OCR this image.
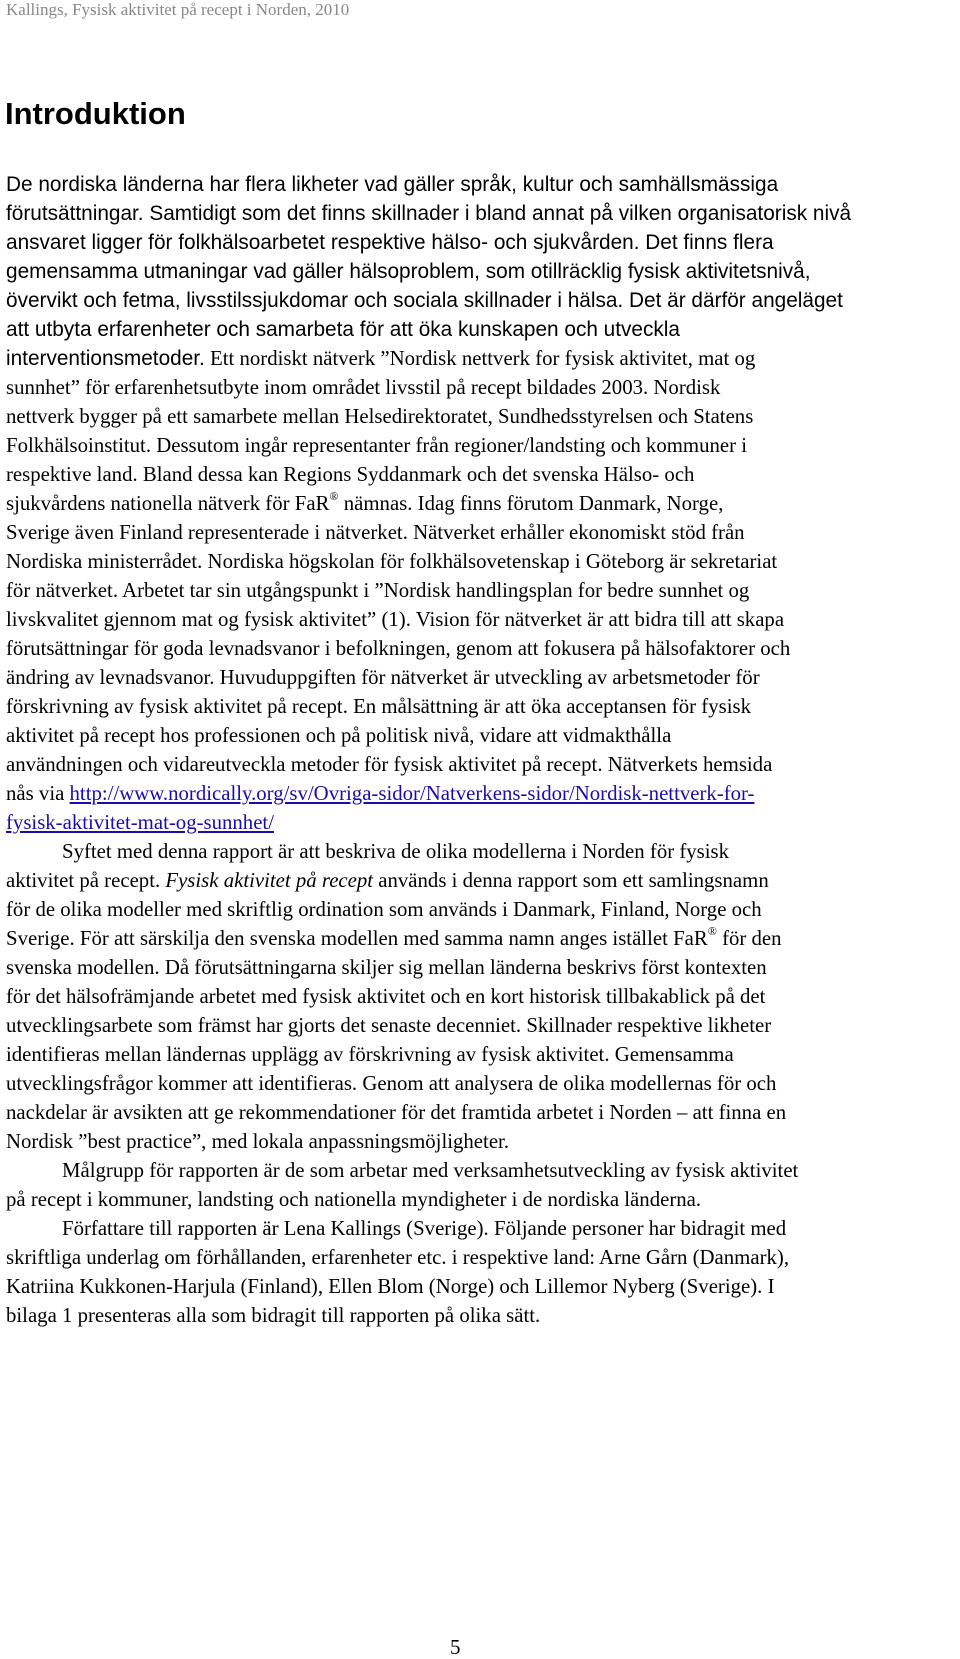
Kallings, Fysisk aktivitet på recept i Norden, 2010
Introduktion
De nordiska länderna har flera likheter vad gäller språk, kultur och samhällsmässiga
förutsättningar. Samtidigt som det finns skillnader i bland annat på vilken organisatorisk nivå
ansvaret ligger för folkhälsoarbetet respektive hälso- och sjukvården. Det finns flera
gemensamma utmaningar vad gäller hälsoproblem, som otillräcklig fysisk aktivitetsnivå,
övervikt och fetma, livsstilssjukdomar och sociala skillnader i hälsa. Det är därför angeläget
att utbyta erfarenheter och samarbeta för att öka kunskapen och utveckla
interventionsmetoder. Ett nordiskt nätverk ”Nordisk nettverk for fysisk aktivitet, mat og
sunnhet” för erfarenhetsutbyte inom området livsstil på recept bildades 2003. Nordisk
nettverk bygger på ett samarbete mellan Helsedirektoratet, Sundhedsstyrelsen och Statens
Folkhälsoinstitut. Dessutom ingår representanter från regioner/landsting och kommuner i
respektive land. Bland dessa kan Regions Syddanmark och det svenska Hälso- och
sjukvårdens nationella nätverk för FaR® nämnas. Idag finns förutom Danmark, Norge,
Sverige även Finland representerade i nätverket. Nätverket erhåller ekonomiskt stöd från
Nordiska ministerrådet. Nordiska högskolan för folkhälsovetenskap i Göteborg är sekretariat
för nätverket. Arbetet tar sin utgångspunkt i ”Nordisk handlingsplan for bedre sunnhet og
livskvalitet gjennom mat og fysisk aktivitet” (1). Vision för nätverket är att bidra till att skapa
förutsättningar för goda levnadsvanor i befolkningen, genom att fokusera på hälsofaktorer och
ändring av levnadsvanor. Huvuduppgiften för nätverket är utveckling av arbetsmetoder för
förskrivning av fysisk aktivitet på recept. En målsättning är att öka acceptansen för fysisk
aktivitet på recept hos professionen och på politisk nivå, vidare att vidmakthålla
användningen och vidareutveckla metoder för fysisk aktivitet på recept. Nätverkets hemsida
nås via http://www.nordically.org/sv/Ovriga-sidor/Natverkens-sidor/Nordisk-nettverk-for-
fysisk-aktivitet-mat-og-sunnhet/
Syftet med denna rapport är att beskriva de olika modellerna i Norden för fysisk
aktivitet på recept. Fysisk aktivitet på recept används i denna rapport som ett samlingsnamn
för de olika modeller med skriftlig ordination som används i Danmark, Finland, Norge och
Sverige. För att särskilja den svenska modellen med samma namn anges istället FaR® för den
svenska modellen. Då förutsättningarna skiljer sig mellan länderna beskrivs först kontexten
för det hälsofrämjande arbetet med fysisk aktivitet och en kort historisk tillbakablick på det
utvecklingsarbete som främst har gjorts det senaste decenniet. Skillnader respektive likheter
identifieras mellan ländernas upplägg av förskrivning av fysisk aktivitet. Gemensamma
utvecklingsfrågor kommer att identifieras. Genom att analysera de olika modellernas för och
nackdelar är avsikten att ge rekommendationer för det framtida arbetet i Norden – att finna en
Nordisk ”best practice”, med lokala anpassningsmöjligheter.
Målgrupp för rapporten är de som arbetar med verksamhetsutveckling av fysisk aktivitet
på recept i kommuner, landsting och nationella myndigheter i de nordiska länderna.
Författare till rapporten är Lena Kallings (Sverige). Följande personer har bidragit med
skriftliga underlag om förhållanden, erfarenheter etc. i respektive land: Arne Gårn (Danmark),
Katriina Kukkonen-Harjula (Finland), Ellen Blom (Norge) och Lillemor Nyberg (Sverige). I
bilaga 1 presenteras alla som bidragit till rapporten på olika sätt.
5
